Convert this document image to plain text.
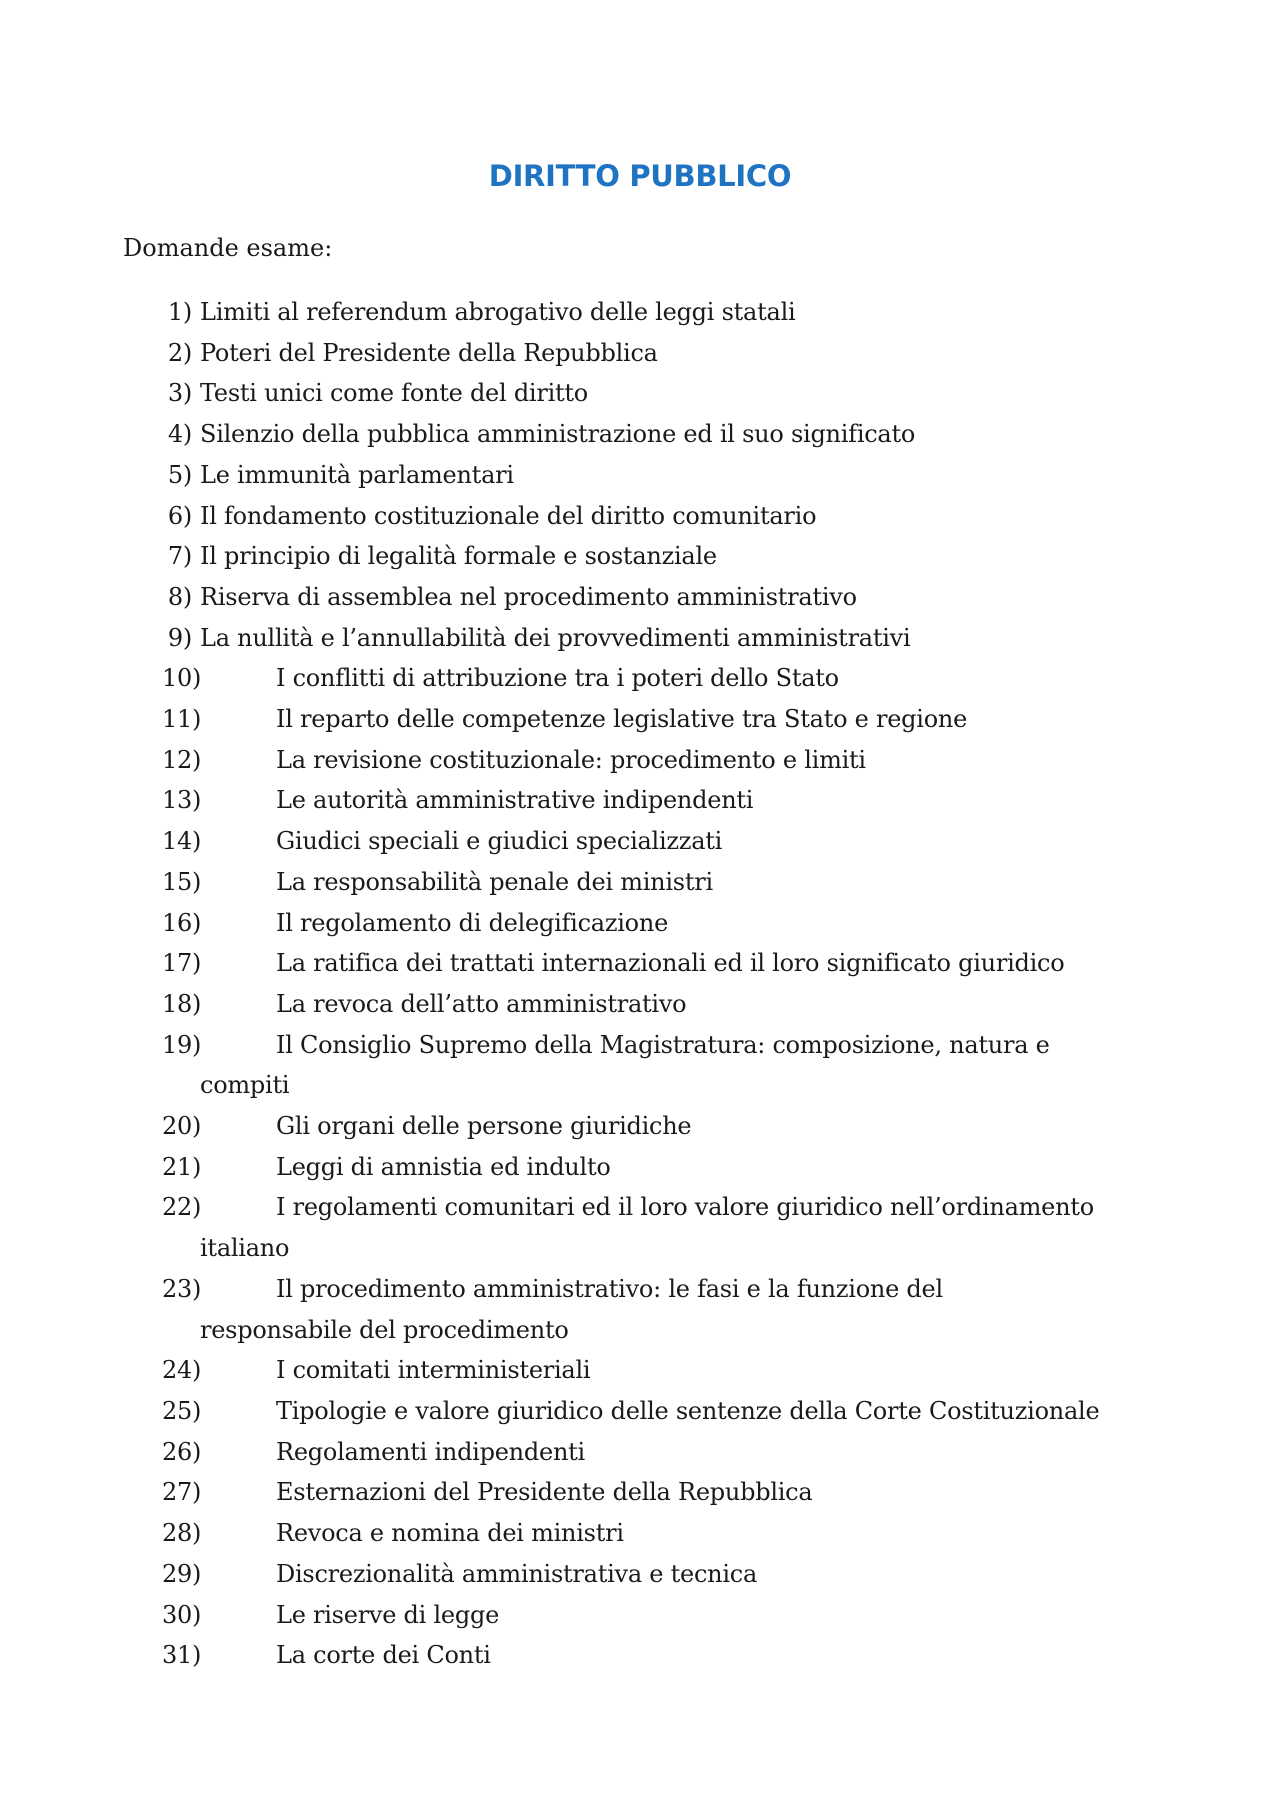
DIRITTO PUBBLICO

Domande esame:

1) Limiti al referendum abrogativo delle leggi statali
2) Poteri del Presidente della Repubblica
3) Testi unici come fonte del diritto
4) Silenzio della pubblica amministrazione ed il suo significato
5) Le immunità parlamentari
6) Il fondamento costituzionale del diritto comunitario
7) Il principio di legalità formale e sostanziale
8) Riserva di assemblea nel procedimento amministrativo
9) La nullità e l’annullabilità dei provvedimenti amministrativi
10)	I conflitti di attribuzione tra i poteri dello Stato
11)	Il reparto delle competenze legislative tra Stato e regione
12)	La revisione costituzionale: procedimento e limiti
13)	Le autorità amministrative indipendenti
14)	Giudici speciali e giudici specializzati
15)	La responsabilità penale dei ministri
16)	Il regolamento di delegificazione
17)	La ratifica dei trattati internazionali ed il loro significato giuridico
18)	La revoca dell’atto amministrativo
19)	Il Consiglio Supremo della Magistratura: composizione, natura e
compiti
20)	Gli organi delle persone giuridiche
21)	Leggi di amnistia ed indulto
22)	I regolamenti comunitari ed il loro valore giuridico nell’ordinamento
italiano
23)	Il procedimento amministrativo: le fasi e la funzione del
responsabile del procedimento
24)	I comitati interministeriali
25)	Tipologie e valore giuridico delle sentenze della Corte Costituzionale
26)	Regolamenti indipendenti
27)	Esternazioni del Presidente della Repubblica
28)	Revoca e nomina dei ministri
29)	Discrezionalità amministrativa e tecnica
30)	Le riserve di legge
31)	La corte dei Conti
